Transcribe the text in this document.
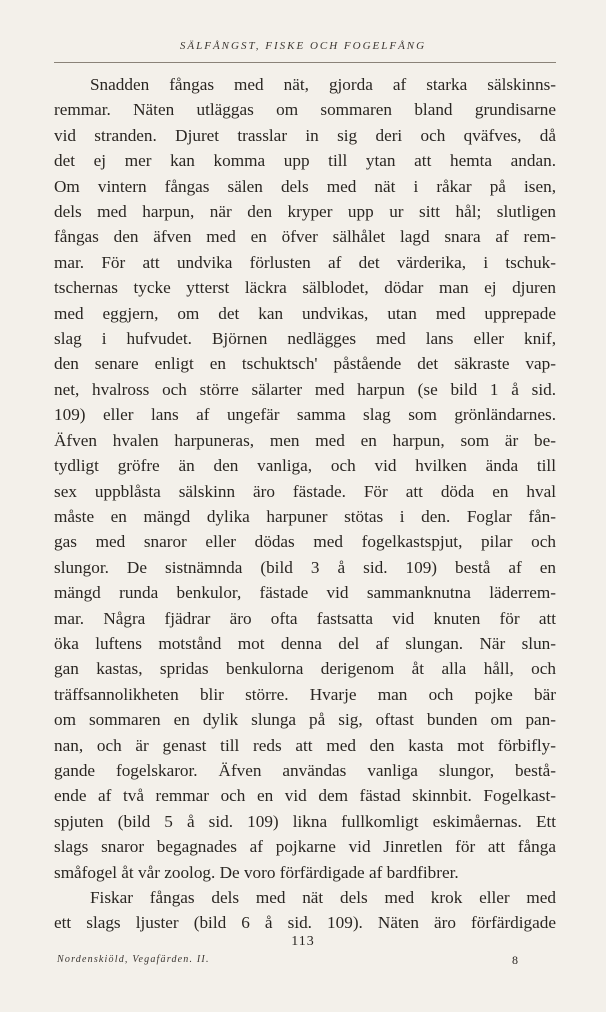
SÄLFÅNGST, FISKE OCH FOGELFÅNG
Snadden fångas med nät, gjorda af starka sälskinns-
remmar. Näten utläggas om sommaren bland grundisarne
vid stranden. Djuret trasslar in sig deri och qväfves, då
det ej mer kan komma upp till ytan att hemta andan.
Om vintern fångas sälen dels med nät i råkar på isen,
dels med harpun, när den kryper upp ur sitt hål; slutligen
fångas den äfven med en öfver sälhålet lagd snara af rem-
mar. För att undvika förlusten af det värderika, i tschuk-
tschernas tycke ytterst läckra sälblodet, dödar man ej djuren
med eggjern, om det kan undvikas, utan med upprepade
slag i hufvudet. Björnen nedlägges med lans eller knif,
den senare enligt en tschuktsch' påstående det säkraste vap-
net, hvalross och större sälarter med harpun (se bild 1 å sid.
109) eller lans af ungefär samma slag som grönländarnes.
Äfven hvalen harpuneras, men med en harpun, som är be-
tydligt gröfre än den vanliga, och vid hvilken ända till
sex uppblåsta sälskinn äro fästade. För att döda en hval
måste en mängd dylika harpuner stötas i den. Foglar fån-
gas med snaror eller dödas med fogelkastspjut, pilar och
slungor. De sistnämnda (bild 3 å sid. 109) bestå af en
mängd runda benkulor, fästade vid sammanknutna läderrem-
mar. Några fjädrar äro ofta fastsatta vid knuten för att
öka luftens motstånd mot denna del af slungan. När slun-
gan kastas, spridas benkulorna derigenom åt alla håll, och
träffsannolikheten blir större. Hvarje man och pojke bär
om sommaren en dylik slunga på sig, oftast bunden om pan-
nan, och är genast till reds att med den kasta mot förbifly-
gande fogelskaror. Äfven användas vanliga slungor, bestå-
ende af två remmar och en vid dem fästad skinnbit. Fogelkast-
spjuten (bild 5 å sid. 109) likna fullkomligt eskimåernas. Ett
slags snaror begagnades af pojkarne vid Jinretlen för att fånga
småfogel åt vår zoolog. De voro förfärdigade af bardfibrer.
Fiskar fångas dels med nät dels med krok eller med
ett slags ljuster (bild 6 å sid. 109). Näten äro förfärdigade
113
Nordenskiöld, Vegafärden. II.	8
